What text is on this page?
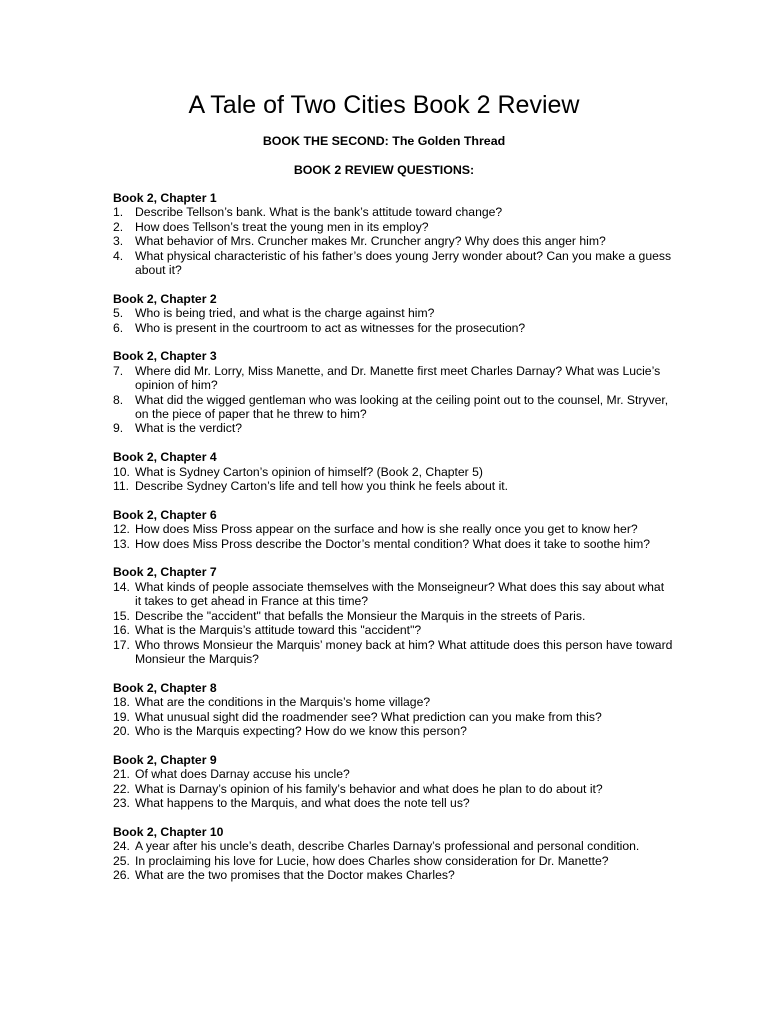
A Tale of Two Cities Book 2 Review
BOOK THE SECOND: The Golden Thread
BOOK 2 REVIEW QUESTIONS:
Book 2, Chapter 1
1. Describe Tellson’s bank. What is the bank’s attitude toward change?
2. How does Tellson’s treat the young men in its employ?
3. What behavior of Mrs. Cruncher makes Mr. Cruncher angry? Why does this anger him?
4. What physical characteristic of his father’s does young Jerry wonder about? Can you make a guess about it?
Book 2, Chapter 2
5. Who is being tried, and what is the charge against him?
6. Who is present in the courtroom to act as witnesses for the prosecution?
Book 2, Chapter 3
7. Where did Mr. Lorry, Miss Manette, and Dr. Manette first meet Charles Darnay? What was Lucie’s opinion of him?
8. What did the wigged gentleman who was looking at the ceiling point out to the counsel, Mr. Stryver, on the piece of paper that he threw to him?
9. What is the verdict?
Book 2, Chapter 4
10. What is Sydney Carton’s opinion of himself? (Book 2, Chapter 5)
11. Describe Sydney Carton’s life and tell how you think he feels about it.
Book 2, Chapter 6
12. How does Miss Pross appear on the surface and how is she really once you get to know her?
13. How does Miss Pross describe the Doctor’s mental condition? What does it take to soothe him?
Book 2, Chapter 7
14. What kinds of people associate themselves with the Monseigneur? What does this say about what it takes to get ahead in France at this time?
15. Describe the "accident" that befalls the Monsieur the Marquis in the streets of Paris.
16. What is the Marquis’s attitude toward this "accident"?
17. Who throws Monsieur the Marquis’ money back at him? What attitude does this person have toward Monsieur the Marquis?
Book 2, Chapter 8
18. What are the conditions in the Marquis’s home village?
19. What unusual sight did the roadmender see? What prediction can you make from this?
20. Who is the Marquis expecting? How do we know this person?
Book 2, Chapter 9
21. Of what does Darnay accuse his uncle?
22. What is Darnay’s opinion of his family’s behavior and what does he plan to do about it?
23. What happens to the Marquis, and what does the note tell us?
Book 2, Chapter 10
24. A year after his uncle’s death, describe Charles Darnay’s professional and personal condition.
25. In proclaiming his love for Lucie, how does Charles show consideration for Dr. Manette?
26. What are the two promises that the Doctor makes Charles?
